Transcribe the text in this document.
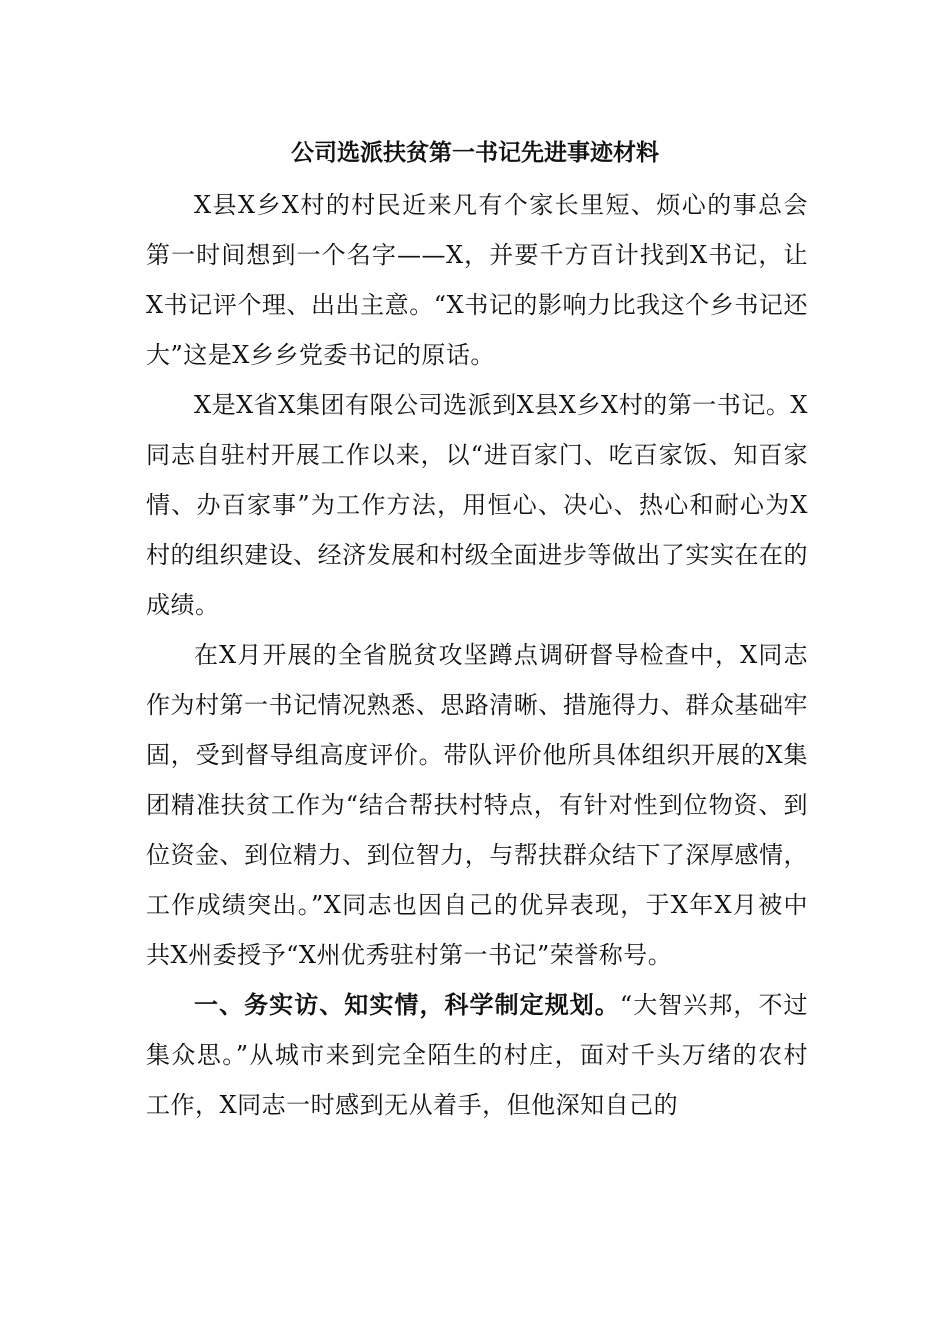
公司选派扶贫第一书记先进事迹材料

X县X乡X村的村民近来凡有个家长里短、烦心的事总会第一时间想到一个名字——X，并要千方百计找到X书记，让X书记评个理、出出主意。“X书记的影响力比我这个乡书记还大”这是X乡乡党委书记的原话。

X是X省X集团有限公司选派到X县X乡X村的第一书记。X同志自驻村开展工作以来，以“进百家门、吃百家饭、知百家情、办百家事”为工作方法，用恒心、决心、热心和耐心为X村的组织建设、经济发展和村级全面进步等做出了实实在在的成绩。

在X月开展的全省脱贫攻坚蹲点调研督导检查中，X同志作为村第一书记情况熟悉、思路清晰、措施得力、群众基础牢固，受到督导组高度评价。带队评价他所具体组织开展的X集团精准扶贫工作为“结合帮扶村特点，有针对性到位物资、到位资金、到位精力、到位智力，与帮扶群众结下了深厚感情，工作成绩突出。”X同志也因自己的优异表现，于X年X月被中共X州委授予“X州优秀驻村第一书记”荣誉称号。

一、务实访、知实情，科学制定规划。“大智兴邦，不过集众思。”从城市来到完全陌生的村庄，面对千头万绪的农村工作，X同志一时感到无从着手，但他深知自己的
